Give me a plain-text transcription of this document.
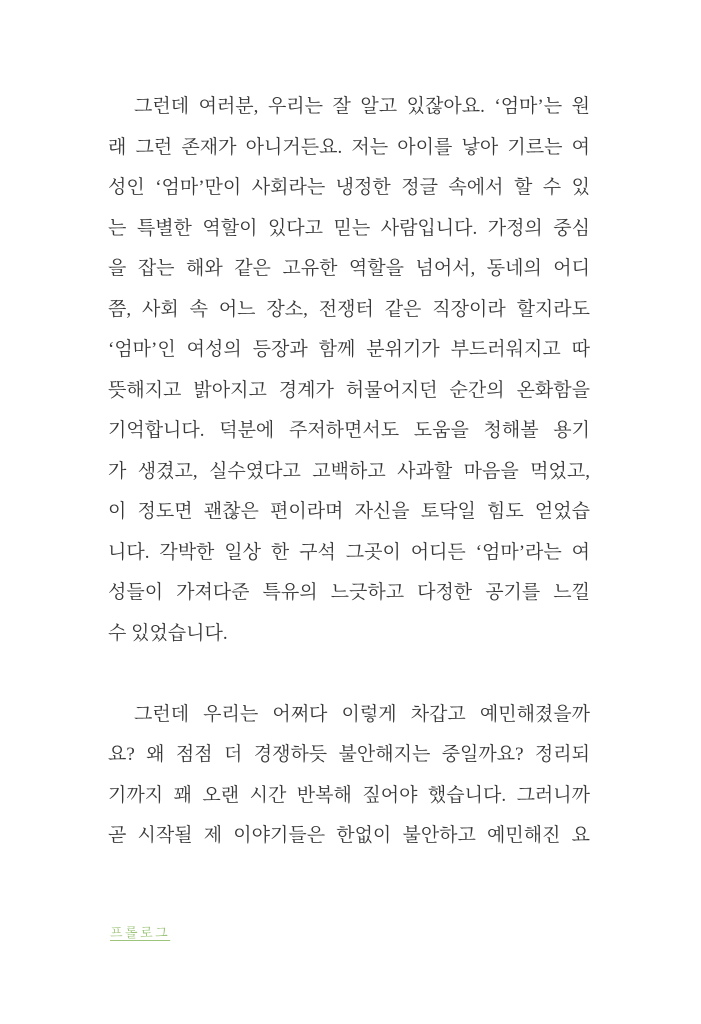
그런데 여러분, 우리는 잘 알고 있잖아요. ‘엄마’는 원
래 그런 존재가 아니거든요. 저는 아이를 낳아 기르는 여
성인 ‘엄마’만이 사회라는 냉정한 정글 속에서 할 수 있
는 특별한 역할이 있다고 믿는 사람입니다. 가정의 중심
을 잡는 해와 같은 고유한 역할을 넘어서, 동네의 어디
쯤, 사회 속 어느 장소, 전쟁터 같은 직장이라 할지라도
‘엄마’인 여성의 등장과 함께 분위기가 부드러워지고 따
뜻해지고 밝아지고 경계가 허물어지던 순간의 온화함을
기억합니다. 덕분에 주저하면서도 도움을 청해볼 용기
가 생겼고, 실수였다고 고백하고 사과할 마음을 먹었고,
이 정도면 괜찮은 편이라며 자신을 토닥일 힘도 얻었습
니다. 각박한 일상 한 구석 그곳이 어디든 ‘엄마’라는 여
성들이 가져다준 특유의 느긋하고 다정한 공기를 느낄
수 있었습니다.
그런데 우리는 어쩌다 이렇게 차갑고 예민해졌을까
요? 왜 점점 더 경쟁하듯 불안해지는 중일까요? 정리되
기까지 꽤 오랜 시간 반복해 짚어야 했습니다. 그러니까
곧 시작될 제 이야기들은 한없이 불안하고 예민해진 요
프롤로그
